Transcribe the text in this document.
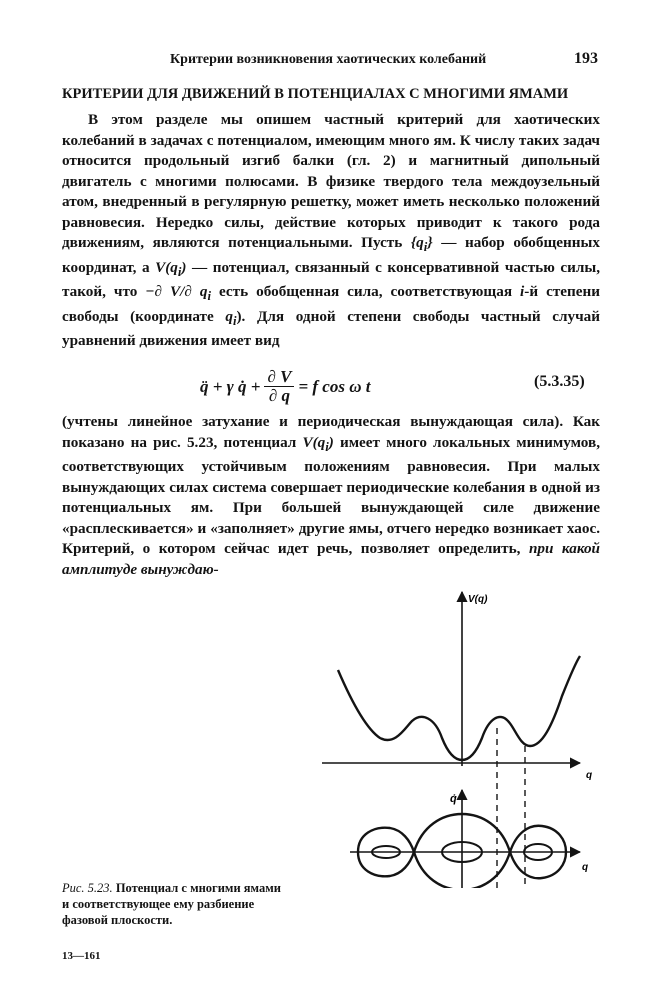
Критерии возникновения хаотических колебаний	193
КРИТЕРИИ ДЛЯ ДВИЖЕНИЙ В ПОТЕНЦИАЛАХ С МНОГИМИ ЯМАМИ

В этом разделе мы опишем частный критерий для хаотических колебаний в задачах с потенциалом, имеющим много ям. К числу таких задач относится продольный изгиб балки (гл. 2) и магнитный дипольный двигатель с многими полюсами. В физике твердого тела междоузельный атом, внедренный в регулярную решетку, может иметь несколько положений равновесия. Нередко силы, действие которых приводит к такого рода движениям, являются потенциальными. Пусть $\{q_i\}$ — набор обобщенных координат, а $V(q_i)$ — потенциал, связанный с консервативной частью силы, такой, что −∂ V/∂ $q_i$ есть обобщенная сила, соответствующая i-й степени свободы (координате $q_i$). Для одной степени свободы частный случай уравнений движения имеет вид

q̈ + γ q̇ + $\frac{\partial V}{\partial q} = f$ cos ω t	(5.3.35)

(учтены линейное затухание и периодическая вынуждающая сила). Как показано на рис. 5.23, потенциал $V(q_i)$ имеет много локальных минимумов, соответствующих устойчивым положениям равновесия. При малых вынуждающих силах система совершает периодические колебания в одной из потенциальных ям. При большей вынуждающей силе движение «расплескивается» и «заполняет» другие ямы, отчего нередко возникает хаос. Критерий, о котором сейчас идет речь, позволяет определить, при какой амплитуде вынуждаю-

V(q)
q
q̇
q
Рис. 5.23. Потенциал с многими ямами и соответствующее ему разбиение фазовой плоскости.
13—161
